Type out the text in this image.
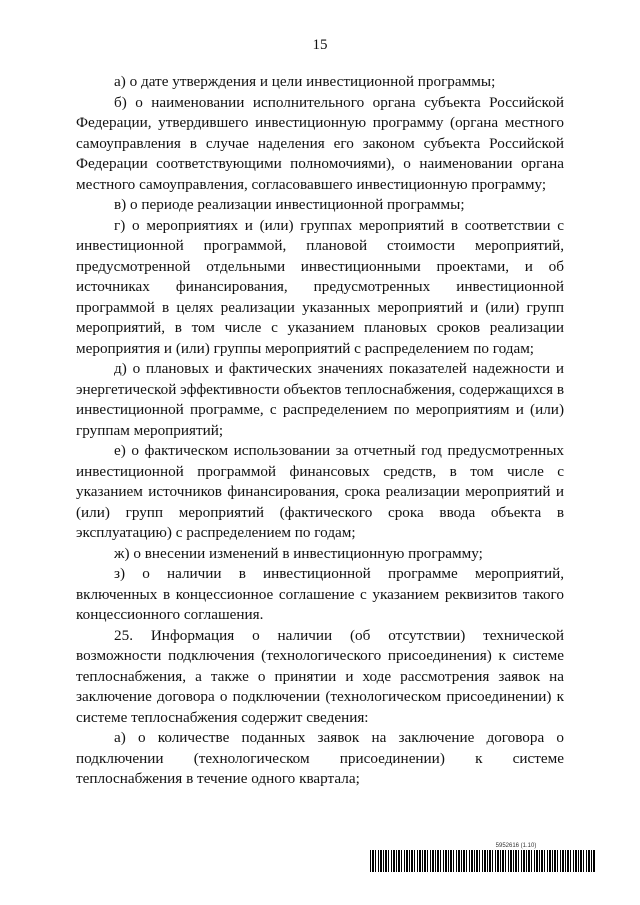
15

а) о дате утверждения и цели инвестиционной программы;

б) о наименовании исполнительного органа субъекта Российской Федерации, утвердившего инвестиционную программу (органа местного самоуправления в случае наделения его законом субъекта Российской Федерации соответствующими полномочиями), о наименовании органа местного самоуправления, согласовавшего инвестиционную программу;

в) о периоде реализации инвестиционной программы;

г) о мероприятиях и (или) группах мероприятий в соответствии с инвестиционной программой, плановой стоимости мероприятий, предусмотренной отдельными инвестиционными проектами, и об источниках финансирования, предусмотренных инвестиционной программой в целях реализации указанных мероприятий и (или) групп мероприятий, в том числе с указанием плановых сроков реализации мероприятия и (или) группы мероприятий с распределением по годам;

д) о плановых и фактических значениях показателей надежности и энергетической эффективности объектов теплоснабжения, содержащихся в инвестиционной программе, с распределением по мероприятиям и (или) группам мероприятий;

е) о фактическом использовании за отчетный год предусмотренных инвестиционной программой финансовых средств, в том числе с указанием источников финансирования, срока реализации мероприятий и (или) групп мероприятий (фактического срока ввода объекта в эксплуатацию) с распределением по годам;

ж) о внесении изменений в инвестиционную программу;

з) о наличии в инвестиционной программе мероприятий, включенных в концессионное соглашение с указанием реквизитов такого концессионного соглашения.

25. Информация о наличии (об отсутствии) технической возможности подключения (технологического присоединения) к системе теплоснабжения, а также о принятии и ходе рассмотрения заявок на заключение договора о подключении (технологическом присоединении) к системе теплоснабжения содержит сведения:

а) о количестве поданных заявок на заключение договора о подключении (технологическом присоединении) к системе теплоснабжения в течение одного квартала;

5952616 (1.10)
